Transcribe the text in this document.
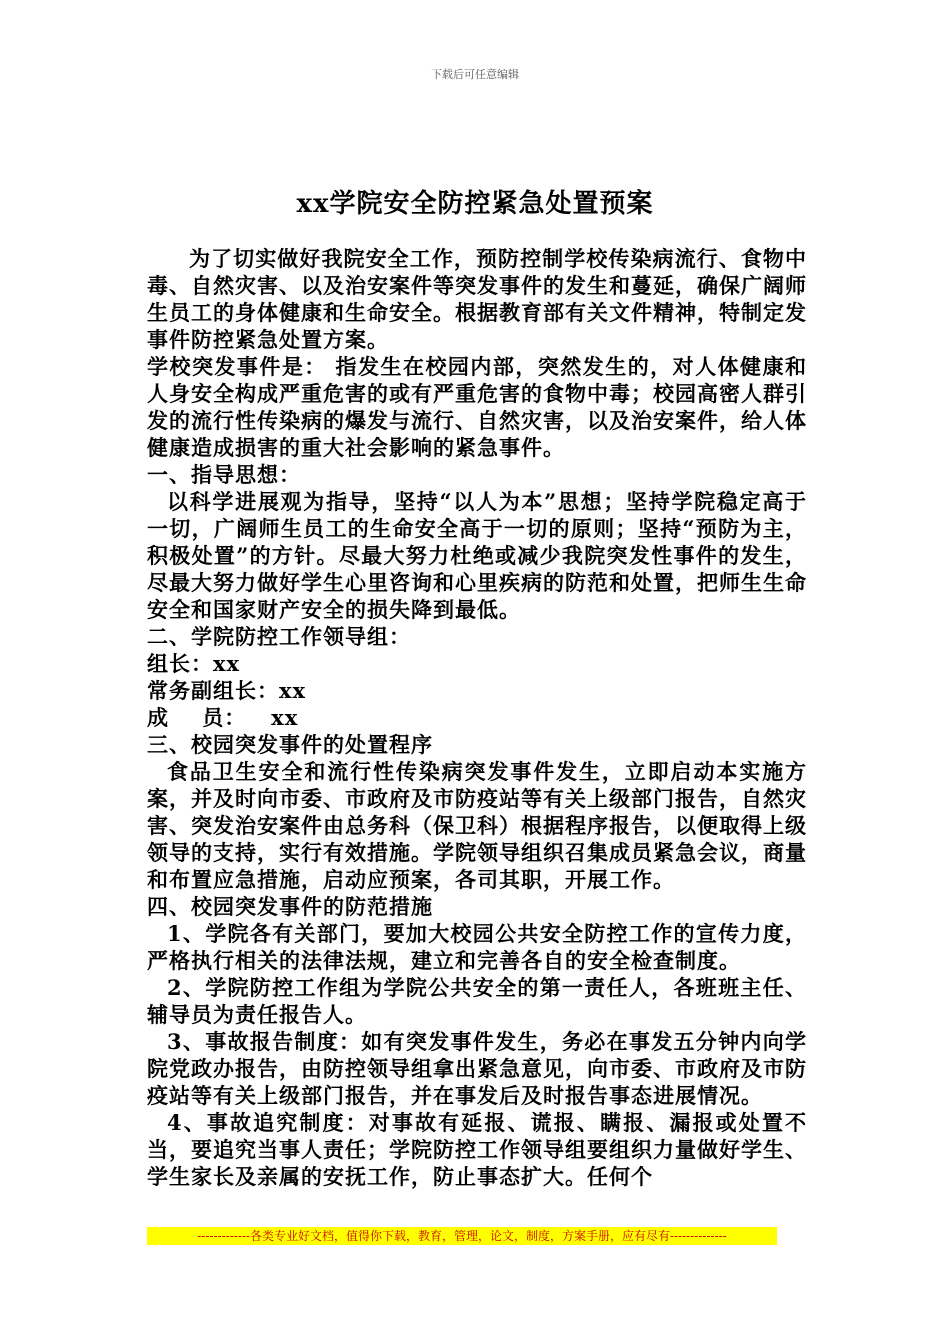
下载后可任意编辑
xx学院安全防控紧急处置预案

为了切实做好我院安全工作，预防控制学校传染病流行、食物中毒、自然灾害、以及治安案件等突发事件的发生和蔓延，确保广阔师生员工的身体健康和生命安全。根据教育部有关文件精神，特制定发事件防控紧急处置方案。

学校突发事件是： 指发生在校园内部，突然发生的，对人体健康和人身安全构成严重危害的或有严重危害的食物中毒；校园高密人群引发的流行性传染病的爆发与流行、自然灾害，以及治安案件，给人体健康造成损害的重大社会影响的紧急事件。

一、指导思想：

以科学进展观为指导，坚持“以人为本”思想；坚持学院稳定高于一切，广阔师生员工的生命安全高于一切的原则；坚持“预防为主，积极处置”的方针。尽最大努力杜绝或减少我院突发性事件的发生，尽最大努力做好学生心里咨询和心里疾病的防范和处置，把师生生命安全和国家财产安全的损失降到最低。

二、学院防控工作领导组：

组长：xx

常务副组长：xx

成    员：   xx

三、校园突发事件的处置程序

食品卫生安全和流行性传染病突发事件发生，立即启动本实施方案，并及时向市委、市政府及市防疫站等有关上级部门报告，自然灾害、突发治安案件由总务科（保卫科）根据程序报告，以便取得上级领导的支持，实行有效措施。学院领导组织召集成员紧急会议，商量和布置应急措施，启动应预案，各司其职，开展工作。

四、校园突发事件的防范措施

1、学院各有关部门，要加大校园公共安全防控工作的宣传力度，严格执行相关的法律法规，建立和完善各自的安全检查制度。

2、学院防控工作组为学院公共安全的第一责任人，各班班主任、辅导员为责任报告人。

3、事故报告制度：如有突发事件发生，务必在事发五分钟内向学院党政办报告，由防控领导组拿出紧急意见，向市委、市政府及市防疫站等有关上级部门报告，并在事发后及时报告事态进展情况。

4、事故追究制度：对事故有延报、谎报、瞒报、漏报或处置不当，要追究当事人责任；学院防控工作领导组要组织力量做好学生、学生家长及亲属的安抚工作，防止事态扩大。任何个

-------------各类专业好文档，值得你下载，教育，管理，论文，制度，方案手册，应有尽有--------------
